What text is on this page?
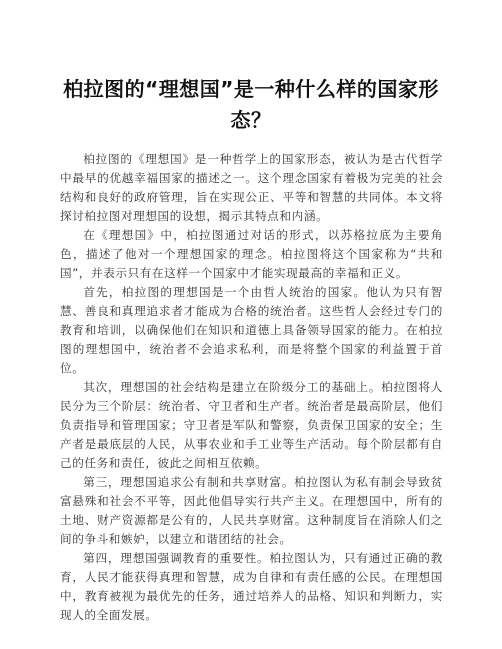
柏拉图的“理想国”是一种什么样的国家形态？

柏拉图的《理想国》是一种哲学上的国家形态，被认为是古代哲学中最早的优越幸福国家的描述之一。这个理念国家有着极为完美的社会结构和良好的政府管理，旨在实现公正、平等和智慧的共同体。本文将探讨柏拉图对理想国的设想，揭示其特点和内涵。

在《理想国》中，柏拉图通过对话的形式，以苏格拉底为主要角色，描述了他对一个理想国家的理念。柏拉图将这个国家称为“共和国”，并表示只有在这样一个国家中才能实现最高的幸福和正义。

首先，柏拉图的理想国是一个由哲人统治的国家。他认为只有智慧、善良和真理追求者才能成为合格的统治者。这些哲人会经过专门的教育和培训，以确保他们在知识和道德上具备领导国家的能力。在柏拉图的理想国中，统治者不会追求私利，而是将整个国家的利益置于首位。

其次，理想国的社会结构是建立在阶级分工的基础上。柏拉图将人民分为三个阶层：统治者、守卫者和生产者。统治者是最高阶层，他们负责指导和管理国家；守卫者是军队和警察，负责保卫国家的安全；生产者是最底层的人民，从事农业和手工业等生产活动。每个阶层都有自己的任务和责任，彼此之间相互依赖。

第三，理想国追求公有制和共享财富。柏拉图认为私有制会导致贫富悬殊和社会不平等，因此他倡导实行共产主义。在理想国中，所有的土地、财产资源都是公有的，人民共享财富。这种制度旨在消除人们之间的争斗和嫉妒，以建立和谐团结的社会。

第四，理想国强调教育的重要性。柏拉图认为，只有通过正确的教育，人民才能获得真理和智慧，成为自律和有责任感的公民。在理想国中，教育被视为最优先的任务，通过培养人的品格、知识和判断力，实现人的全面发展。
